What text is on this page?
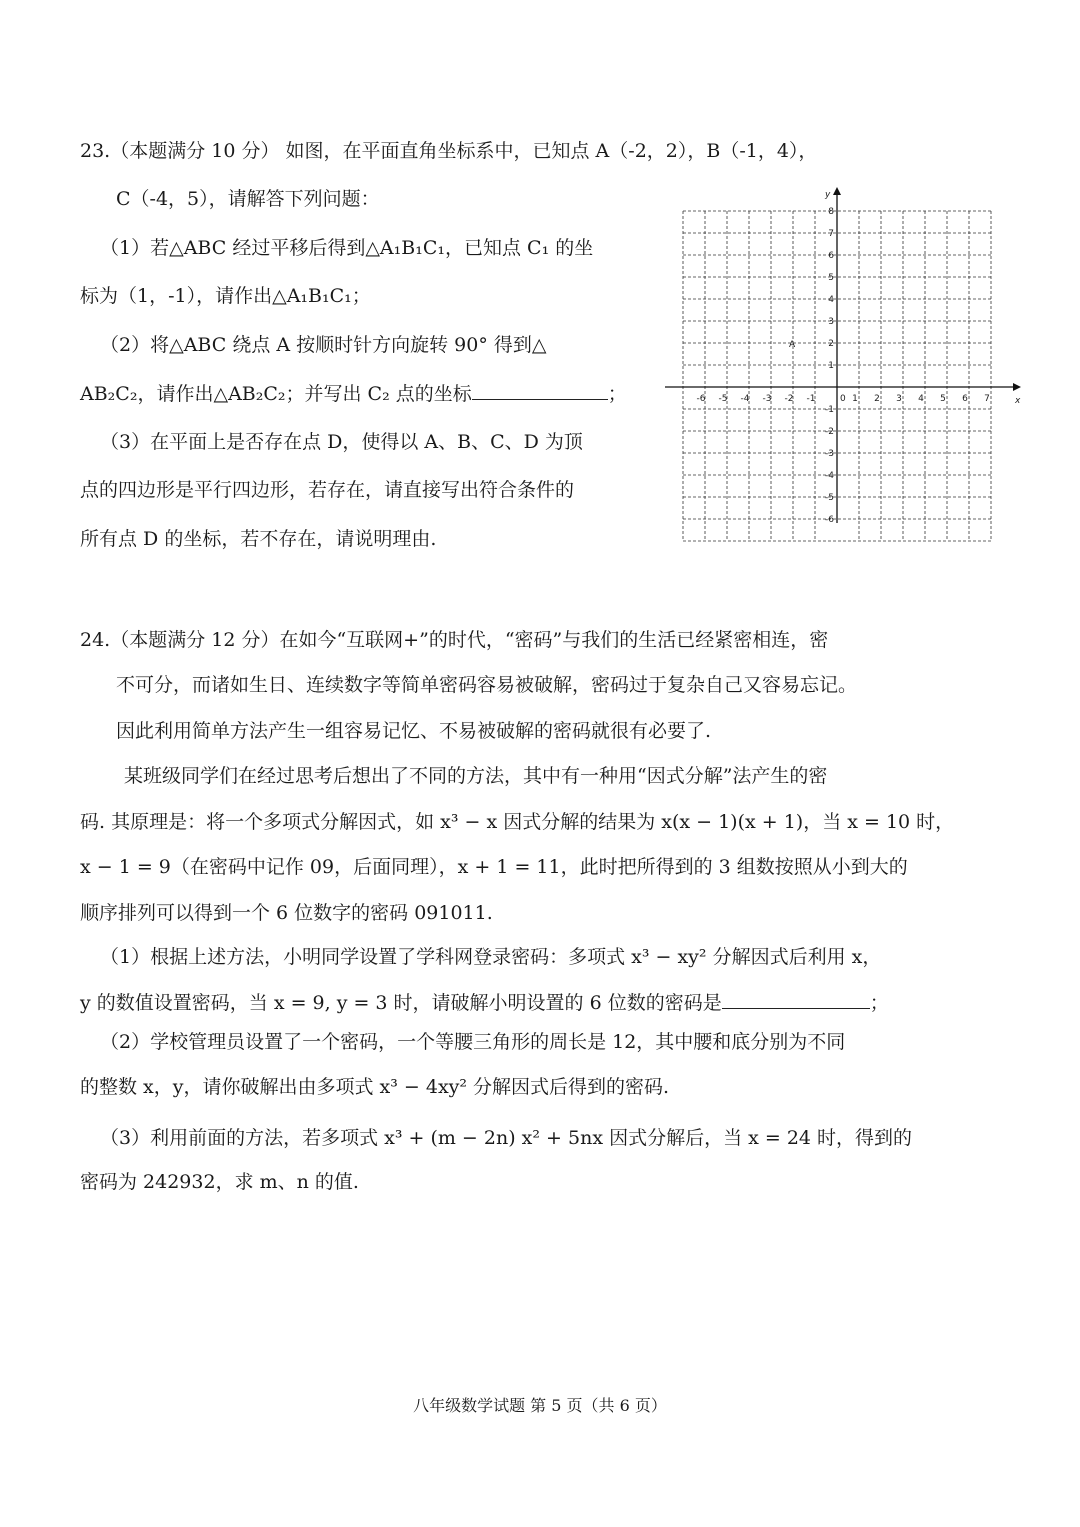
23.（本题满分 10 分） 如图，在平面直角坐标系中，已知点 A（-2，2），B（-1，4），
C（-4，5），请解答下列问题：
（1）若△ABC 经过平移后得到△A₁B₁C₁，已知点 C₁ 的坐
标为（1，-1），请作出△A₁B₁C₁；
（2）将△ABC 绕点 A 按顺时针方向旋转 90° 得到△
AB₂C₂，请作出△AB₂C₂；并写出 C₂ 点的坐标	；
（3）在平面上是否存在点 D，使得以 A、B、C、D 为顶
点的四边形是平行四边形，若存在，请直接写出符合条件的
所有点 D 的坐标，若不存在，请说明理由.
-6 -5 -4 -3 -2 -1	1 2 3 4 5 6 7
8
7
6
5
4
3
2
1
-1
-2
-3
-4
-5
-6
x
y
0
A
24.（本题满分 12 分）在如今“互联网+”的时代，“密码”与我们的生活已经紧密相连，密
不可分，而诸如生日、连续数字等简单密码容易被破解，密码过于复杂自己又容易忘记。
因此利用简单方法产生一组容易记忆、不易被破解的密码就很有必要了.
某班级同学们在经过思考后想出了不同的方法，其中有一种用“因式分解”法产生的密
码. 其原理是：将一个多项式分解因式，如 x³ − x 因式分解的结果为 x(x − 1)(x + 1)，当 x = 10 时，
x − 1 = 9（在密码中记作 09，后面同理），x + 1 = 11，此时把所得到的 3 组数按照从小到大的
顺序排列可以得到一个 6 位数字的密码 091011.
（1）根据上述方法，小明同学设置了学科网登录密码：多项式 x³ − xy² 分解因式后利用 x，
y 的数值设置密码，当 x = 9, y = 3 时，请破解小明设置的 6 位数的密码是	；
（2）学校管理员设置了一个密码，一个等腰三角形的周长是 12，其中腰和底分别为不同
的整数 x，y，请你破解出由多项式 x³ − 4xy² 分解因式后得到的密码.
（3）利用前面的方法，若多项式 x³ + (m − 2n) x² + 5nx 因式分解后，当 x = 24 时，得到的
密码为 242932，求 m、n 的值.
八年级数学试题 第 5 页（共 6 页）
